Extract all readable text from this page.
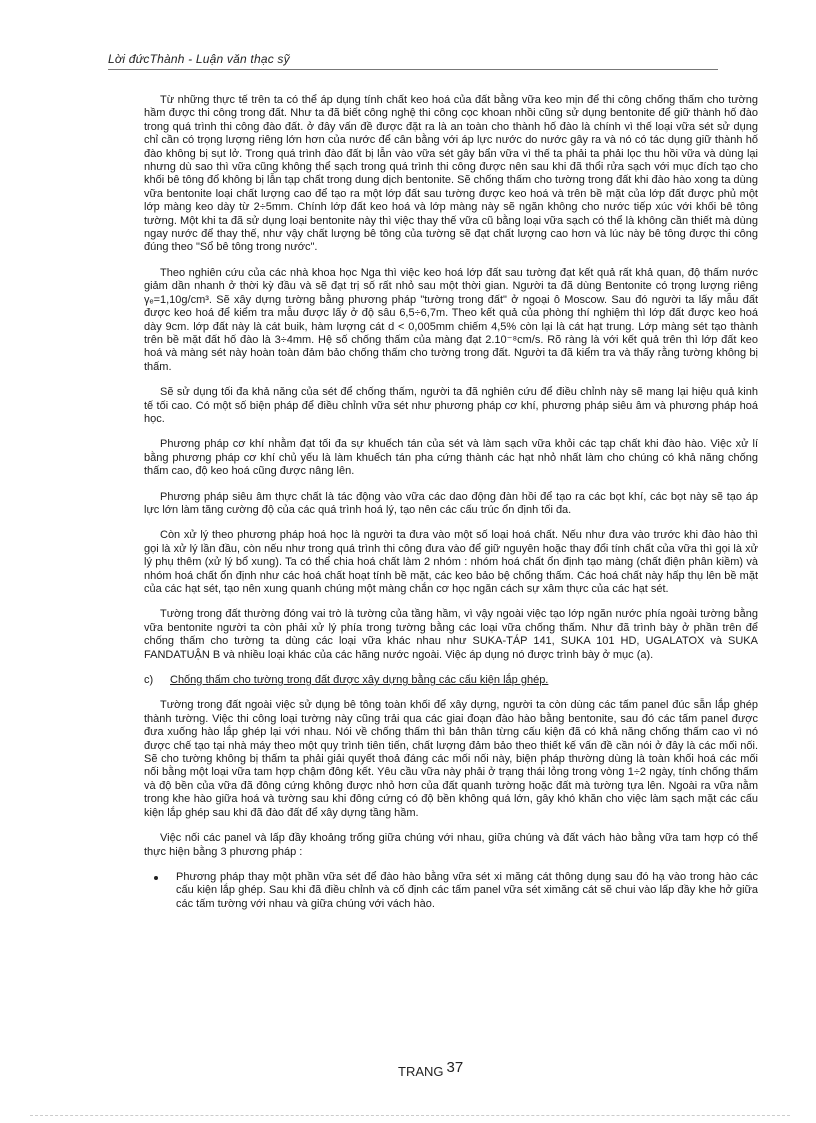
Lời đứcThành - Luận văn thạc sỹ

Từ những thực tế trên ta có thể áp dụng tính chất keo hoá của đất bằng vữa keo mịn để thi công chống thấm cho tường hầm được thi công trong đất. Như ta đã biết công nghệ thi công cọc khoan nhồi cũng sử dụng bentonite để giữ thành hố đào trong quá trình thi công đào đất. ở đây vấn đề được đặt ra là an toàn cho thành hố đào là chính vì thế loại vữa sét sử dụng chỉ cần có trọng lượng riêng lớn hơn của nước để cân bằng với áp lực nước do nước gây ra và nó có tác dụng giữ thành hố đào không bị sụt lở. Trong quá trình đào đất bị lẫn vào vữa sét gây bẩn vữa vì thế ta phải ta phải lọc thu hồi vữa và dùng lại nhưng dù sao thì vữa cũng không thể sạch trong quá trình thi công được nên sau khi đã thổi rửa sạch với mục đích tạo cho khối bê tông đổ không bị lẫn tạp chất trong dung dịch bentonite. Sẽ chống thấm cho tường trong đất khi đào hào xong ta dùng vữa bentonite loại chất lượng cao để tạo ra một lớp đất sau tường được keo hoá và trên bề mặt của lớp đất được phủ một lớp màng keo dày từ 2÷5mm. Chính lớp đất keo hoá và lớp màng này sẽ ngăn không cho nước tiếp xúc với khối bê tông tường. Một khi ta đã sử dụng loại bentonite này thì việc thay thế vữa cũ bằng loại vữa sạch có thể là không cần thiết mà dùng ngay nước để thay thế, như vậy chất lượng bê tông của tường sẽ đạt chất lượng cao hơn và lúc này bê tông được thi công đúng theo "Sổ bê tông trong nước".

Theo nghiên cứu của các nhà khoa học Nga thì việc keo hoá lớp đất sau tường đạt kết quả rất khả quan, độ thấm nước giảm dần nhanh ở thời kỳ đầu và sẽ đạt trị số rất nhỏ sau một thời gian. Người ta đã dùng Bentonite có trọng lượng riêng γₑ=1,10g/cm³. Sẽ xây dựng tường bằng phương pháp "tường trong đất" ở ngoại ô Moscow. Sau đó người ta lấy mẫu đất được keo hoá để kiểm tra mẫu được lấy ở độ sâu 6,5÷6,7m. Theo kết quả của phòng thí nghiệm thì lớp đất được keo hoá dày 9cm. lớp đất này là cát buik, hàm lượng cát d < 0,005mm chiếm 4,5% còn lại là cát hạt trung. Lớp màng sét tạo thành trên bề mặt đất hố đào là 3÷4mm. Hệ số chống thấm của màng đạt 2.10⁻⁸cm/s. Rõ ràng là với kết quả trên thì lớp đất keo hoá và màng sét này hoàn toàn đảm bảo chống thấm cho tường trong đất. Người ta đã kiểm tra và thấy rằng tường không bị thấm.

Sẽ sử dụng tối đa khả năng của sét để chống thấm, người ta đã nghiên cứu để điều chỉnh này sẽ mang lại hiệu quả kinh tế tối cao. Có một số biện pháp để điều chỉnh vữa sét như phương pháp cơ khí, phương pháp siêu âm và phương pháp hoá học.

Phương pháp cơ khí nhằm đạt tối đa sự khuếch tán của sét và làm sạch vữa khỏi các tạp chất khi đào hào. Việc xử lí bằng phương pháp cơ khí chủ yếu là làm khuếch tán pha cứng thành các hạt nhỏ nhất làm cho chúng có khả năng chống thấm cao, độ keo hoá cũng được nâng lên.

Phương pháp siêu âm thực chất là tác động vào vữa các dao động đàn hồi để tạo ra các bọt khí, các bọt này sẽ tạo áp lực lớn làm tăng cường độ của các quá trình hoá lý, tạo nên các cấu trúc ổn định tối đa.

Còn xử lý theo phương pháp hoá học là người ta đưa vào một số loại hoá chất. Nếu như đưa vào trước khi đào hào thì gọi là xử lý lần đầu, còn nếu như trong quá trình thi công đưa vào để giữ nguyên hoặc thay đổi tính chất của vữa thì gọi là xử lý phụ thêm (xử lý bổ xung). Ta có thể chia hoá chất làm 2 nhóm : nhóm hoá chất ổn định tạo màng (chất điện phân kiềm) và nhóm hoá chất ổn định như các hoá chất hoạt tính bề mặt, các keo bảo bệ chống thấm. Các hoá chất này hấp thụ lên bề mặt của các hạt sét, tạo nên xung quanh chúng một màng chắn cơ học ngăn cách sự xâm thực của các hạt sét.

Tường trong đất thường đóng vai trò là tường của tầng hầm, vì vậy ngoài việc tạo lớp ngăn nước phía ngoài tường bằng vữa bentonite người ta còn phải xử lý phía trong tường bằng các loại vữa chống thấm. Như đã trình bày ở phần trên để chống thấm cho tường ta dùng các loại vữa khác nhau như SUKA-TÁP 141, SUKA 101 HD, UGALATOX và SUKA FANDATUẬN B và nhiều loại khác của các hãng nước ngoài. Việc áp dụng nó được trình bày ở mục (a).

c) Chống thấm cho tường trong đất được xây dựng bằng các cấu kiện lắp ghép.

Tường trong đất ngoài việc sử dụng bê tông toàn khối để xây dựng, người ta còn dùng các tấm panel đúc sẵn lắp ghép thành tường. Việc thi công loại tường này cũng trải qua các giai đoạn đào hào bằng bentonite, sau đó các tấm panel được đưa xuống hào lắp ghép lại với nhau. Nói về chống thấm thì bản thân từng cấu kiện đã có khả năng chống thấm cao vì nó được chế tạo tại nhà máy theo một quy trình tiên tiến, chất lượng đảm bảo theo thiết kế vấn đề cần nói ở đây là các mối nối. Sẽ cho tường không bị thấm ta phải giải quyết thoả đáng các mối nối này, biện pháp thường dùng là toàn khối hoá các mối nối bằng một loại vữa tam hợp chậm đông kết. Yêu cầu vữa này phải ở trạng thái lỏng trong vòng 1÷2 ngày, tính chống thấm và độ bền của vữa đã đông cứng không được nhỏ hơn của đất quanh tường hoặc đất mà tường tựa lên. Ngoài ra vữa nằm trong khe hào giữa hoá và tường sau khi đông cứng có độ bền không quá lớn, gây khó khăn cho việc làm sạch mặt các cấu kiện lắp ghép sau khi đã đào đất để xây dựng tầng hầm.

Việc nối các panel và lấp đầy khoảng trống giữa chúng với nhau, giữa chúng và đất vách hào bằng vữa tam hợp có thể thực hiện bằng 3 phương pháp :

Phương pháp thay một phần vữa sét để đào hào bằng vữa sét xi măng cát thông dụng sau đó hạ vào trong hào các cấu kiện lắp ghép. Sau khi đã điều chỉnh và cố định các tấm panel vữa sét ximăng cát sẽ chui vào lấp đầy khe hở giữa các tấm tường với nhau và giữa chúng với vách hào.
TRANG 37
